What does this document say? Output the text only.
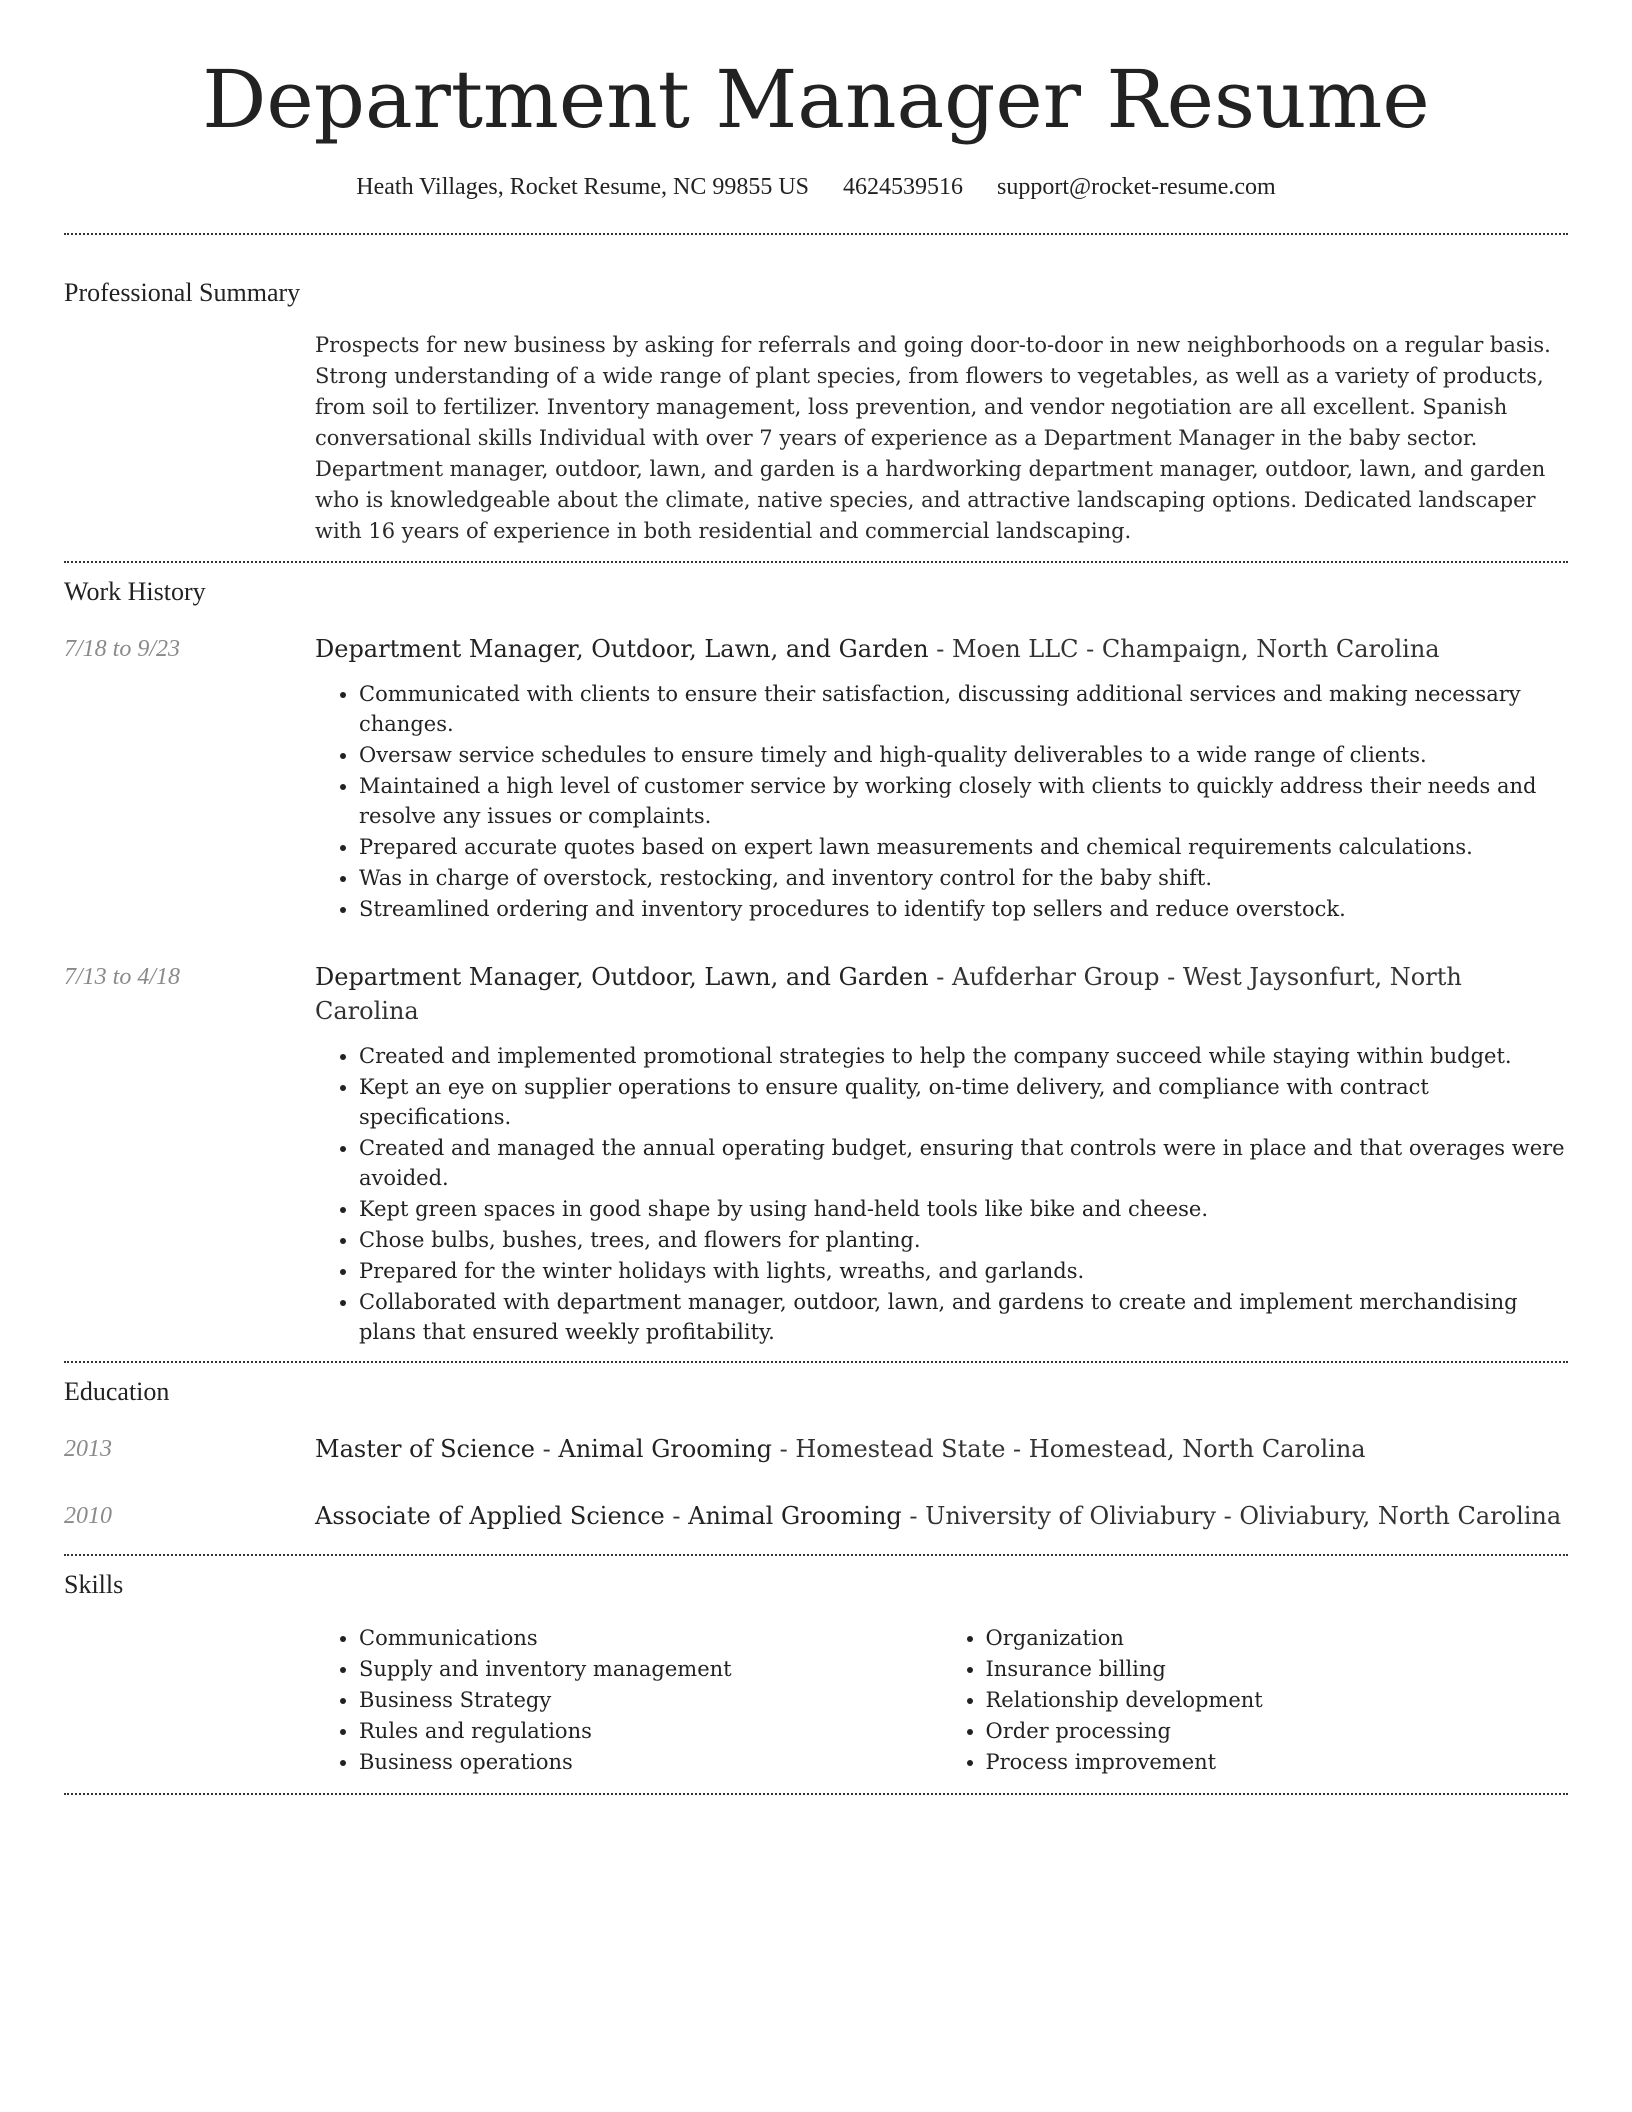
Department Manager Resume
Heath Villages, Rocket Resume, NC 99855 US 4624539516 support@rocket-resume.com
Professional Summary
Prospects for new business by asking for referrals and going door-to-door in new neighborhoods on a regular basis. Strong understanding of a wide range of plant species, from flowers to vegetables, as well as a variety of products, from soil to fertilizer. Inventory management, loss prevention, and vendor negotiation are all excellent. Spanish conversational skills Individual with over 7 years of experience as a Department Manager in the baby sector. Department manager, outdoor, lawn, and garden is a hardworking department manager, outdoor, lawn, and garden who is knowledgeable about the climate, native species, and attractive landscaping options. Dedicated landscaper with 16 years of experience in both residential and commercial landscaping.
Work History
7/18 to 9/23	Department Manager, Outdoor, Lawn, and Garden - Moen LLC - Champaign, North Carolina
• Communicated with clients to ensure their satisfaction, discussing additional services and making necessary changes.
• Oversaw service schedules to ensure timely and high-quality deliverables to a wide range of clients.
• Maintained a high level of customer service by working closely with clients to quickly address their needs and resolve any issues or complaints.
• Prepared accurate quotes based on expert lawn measurements and chemical requirements calculations.
• Was in charge of overstock, restocking, and inventory control for the baby shift.
• Streamlined ordering and inventory procedures to identify top sellers and reduce overstock.
7/13 to 4/18	Department Manager, Outdoor, Lawn, and Garden - Aufderhar Group - West Jaysonfurt, North Carolina
• Created and implemented promotional strategies to help the company succeed while staying within budget.
• Kept an eye on supplier operations to ensure quality, on-time delivery, and compliance with contract specifications.
• Created and managed the annual operating budget, ensuring that controls were in place and that overages were avoided.
• Kept green spaces in good shape by using hand-held tools like bike and cheese.
• Chose bulbs, bushes, trees, and flowers for planting.
• Prepared for the winter holidays with lights, wreaths, and garlands.
• Collaborated with department manager, outdoor, lawn, and gardens to create and implement merchandising plans that ensured weekly profitability.
Education
2013	Master of Science - Animal Grooming - Homestead State - Homestead, North Carolina
2010	Associate of Applied Science - Animal Grooming - University of Oliviabury - Oliviabury, North Carolina
Skills
• Communications
• Supply and inventory management
• Business Strategy
• Rules and regulations
• Business operations
• Organization
• Insurance billing
• Relationship development
• Order processing
• Process improvement
